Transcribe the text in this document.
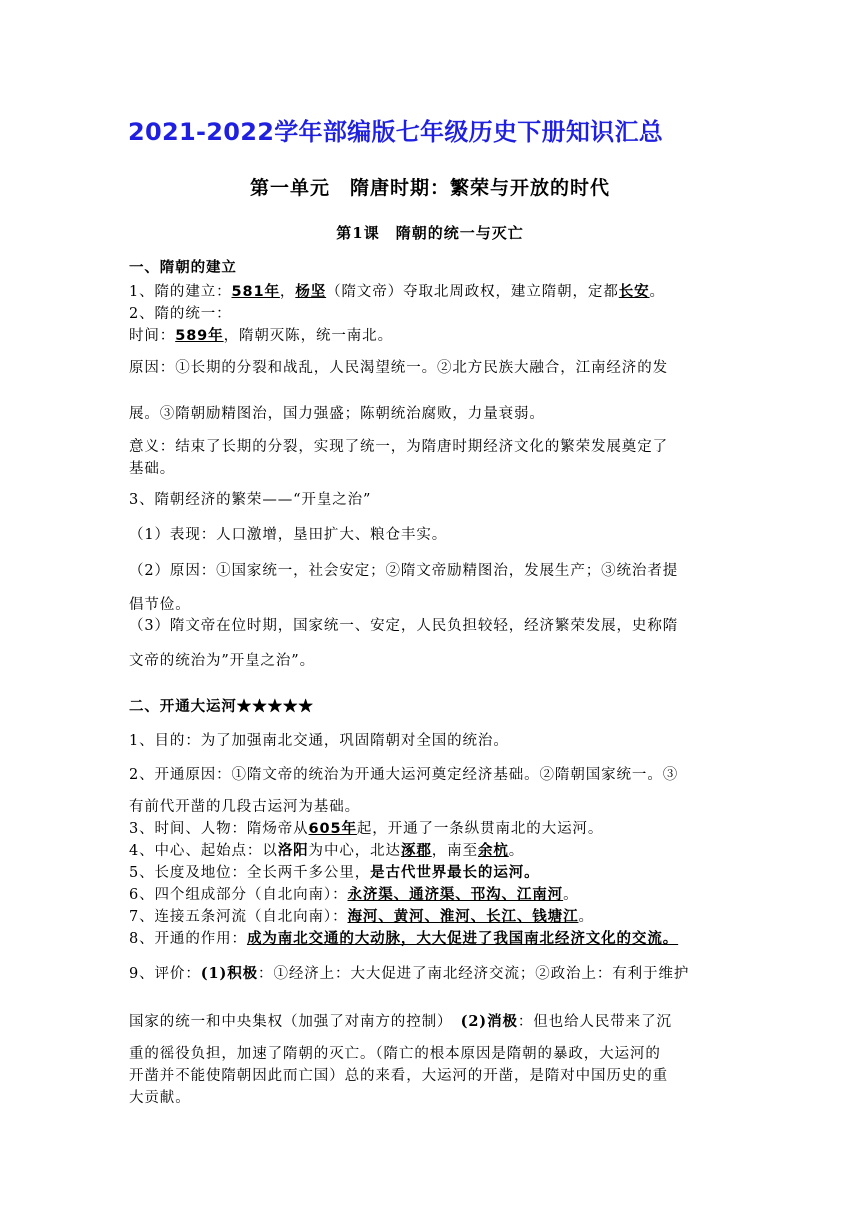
2021-2022学年部编版七年级历史下册知识汇总
第一单元　隋唐时期：繁荣与开放的时代
第1课　隋朝的统一与灭亡
一、隋朝的建立
1、隋的建立：581年，杨坚（隋文帝）夺取北周政权，建立隋朝，定都长安。
2、隋的统一：
时间：589年，隋朝灭陈，统一南北。
原因：①长期的分裂和战乱，人民渴望统一。②北方民族大融合，江南经济的发
展。③隋朝励精图治，国力强盛；陈朝统治腐败，力量衰弱。
意义：结束了长期的分裂，实现了统一，为隋唐时期经济文化的繁荣发展奠定了
基础。
3、隋朝经济的繁荣——“开皇之治”
（1）表现：人口激增，垦田扩大、粮仓丰实。
（2）原因：①国家统一，社会安定；②隋文帝励精图治，发展生产；③统治者提
倡节俭。
（3）隋文帝在位时期，国家统一、安定，人民负担较轻，经济繁荣发展，史称隋
文帝的统治为”开皇之治”。
二、开通大运河★★★★★
1、目的：为了加强南北交通，巩固隋朝对全国的统治。
2、开通原因：①隋文帝的统治为开通大运河奠定经济基础。②隋朝国家统一。③
有前代开凿的几段古运河为基础。
3、时间、人物：隋炀帝从605年起，开通了一条纵贯南北的大运河。
4、中心、起始点：以洛阳为中心，北达涿郡，南至余杭。
5、长度及地位：全长两千多公里，是古代世界最长的运河。
6、四个组成部分（自北向南）：永济渠、通济渠、邗沟、江南河。
7、连接五条河流（自北向南）：海河、黄河、淮河、长江、钱塘江。
8、开通的作用：成为南北交通的大动脉，大大促进了我国南北经济文化的交流。
9、评价：(1)积极：①经济上：大大促进了南北经济交流；②政治上：有利于维护
国家的统一和中央集权（加强了对南方的控制）　(2)消极：但也给人民带来了沉
重的徭役负担，加速了隋朝的灭亡。（隋亡的根本原因是隋朝的暴政，大运河的
开凿并不能使隋朝因此而亡国）总的来看，大运河的开凿，是隋对中国历史的重
大贡献。
